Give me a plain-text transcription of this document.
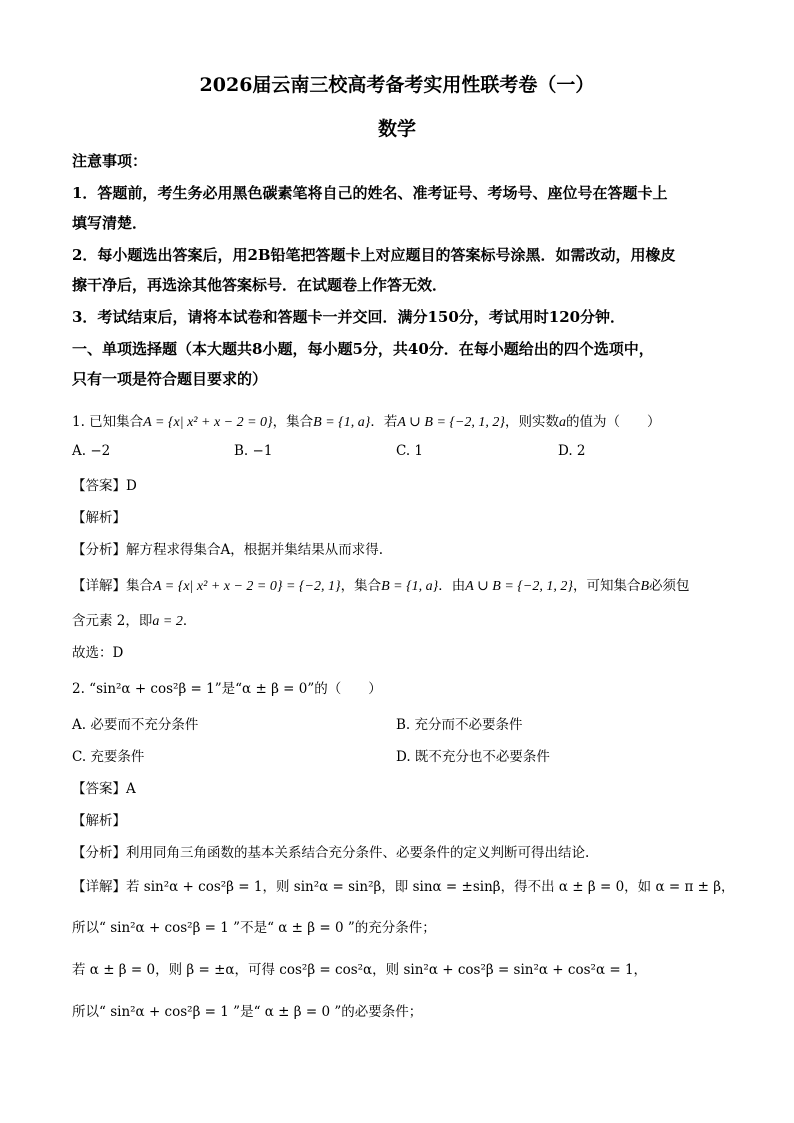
2026届云南三校高考备考实用性联考卷（一）
数学
注意事项：
1．答题前，考生务必用黑色碳素笔将自己的姓名、准考证号、考场号、座位号在答题卡上
填写清楚．
2．每小题选出答案后，用2B铅笔把答题卡上对应题目的答案标号涂黑．如需改动，用橡皮
擦干净后，再选涂其他答案标号．在试题卷上作答无效．
3．考试结束后，请将本试卷和答题卡一并交回．满分150分，考试用时120分钟．
一、单项选择题（本大题共8小题，每小题5分，共40分．在每小题给出的四个选项中，
只有一项是符合题目要求的）
1. 已知集合A = {x| x² + x − 2 = 0}，集合B = {1, a}．若A ∪ B = {−2, 1, 2}，则实数a的值为（　　）
A. −2	B. −1	C. 1	D. 2
【答案】D
【解析】
【分析】解方程求得集合A，根据并集结果从而求得.
【详解】集合A = {x| x² + x − 2 = 0} = {−2, 1}，集合B = {1, a}．由A ∪ B = {−2, 1, 2}，可知集合B必须包
含元素 2，即a = 2．
故选：D
2. “sin²α + cos²β = 1”是“α ± β = 0”的（　　）
A. 必要而不充分条件	B. 充分而不必要条件
C. 充要条件	D. 既不充分也不必要条件
【答案】A
【解析】
【分析】利用同角三角函数的基本关系结合充分条件、必要条件的定义判断可得出结论.
【详解】若 sin²α + cos²β = 1，则 sin²α = sin²β，即 sinα = ±sinβ，得不出 α ± β = 0，如 α = π ± β，
所以“ sin²α + cos²β = 1 ”不是“ α ± β = 0 ”的充分条件；
若 α ± β = 0，则 β = ±α，可得 cos²β = cos²α，则 sin²α + cos²β = sin²α + cos²α = 1，
所以“ sin²α + cos²β = 1 ”是“ α ± β = 0 ”的必要条件；
